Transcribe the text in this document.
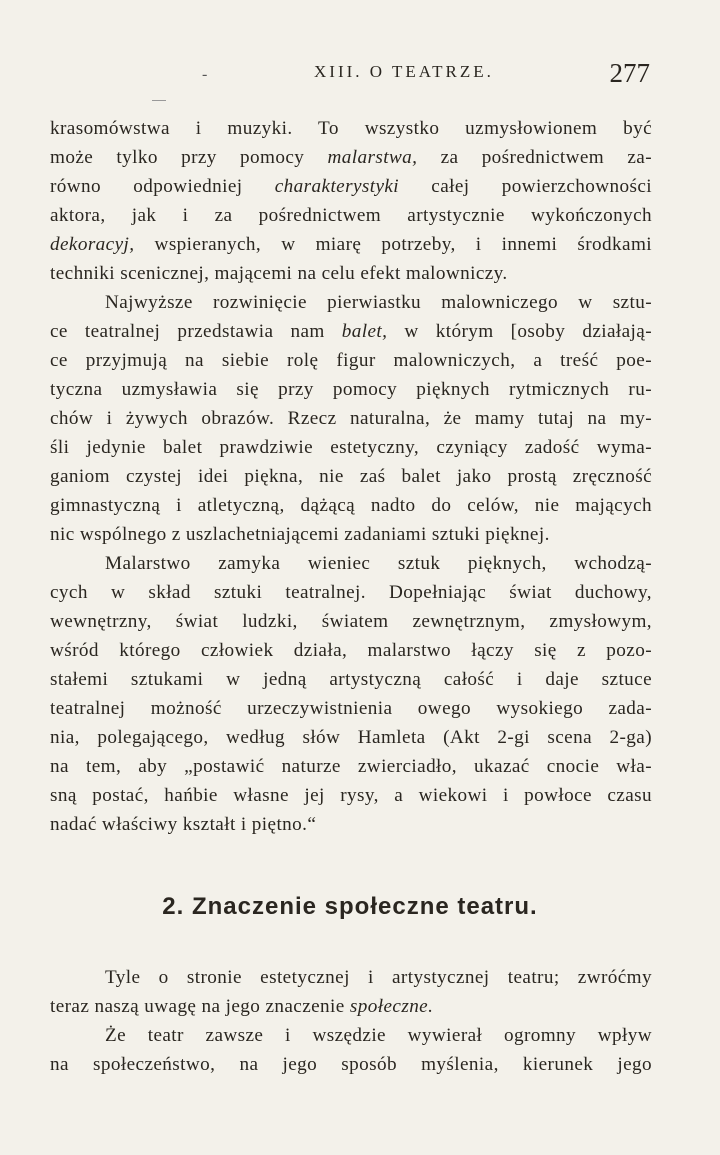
-	XIII. O TEATRZE.	277
krasomówstwa i muzyki. To wszystko uzmysłowionem być
może tylko przy pomocy malarstwa, za pośrednictwem za-
równo odpowiedniej charakterystyki całej powierzchowności
aktora, jak i za pośrednictwem artystycznie wykończonych
dekoracyj, wspieranych, w miarę potrzeby, i innemi środkami
techniki scenicznej, mającemi na celu efekt malowniczy.
Najwyższe rozwinięcie pierwiastku malowniczego w sztu-
ce teatralnej przedstawia nam balet, w którym [osoby działają-
ce przyjmują na siebie rolę figur malowniczych, a treść poe-
tyczna uzmysławia się przy pomocy pięknych rytmicznych ru-
chów i żywych obrazów. Rzecz naturalna, że mamy tutaj na my-
śli jedynie balet prawdziwie estetyczny, czyniący zadość wyma-
ganiom czystej idei piękna, nie zaś balet jako prostą zręczność
gimnastyczną i atletyczną, dążącą nadto do celów, nie mających
nic wspólnego z uszlachetniającemi zadaniami sztuki pięknej.
Malarstwo zamyka wieniec sztuk pięknych, wchodzą-
cych w skład sztuki teatralnej. Dopełniając świat duchowy,
wewnętrzny, świat ludzki, światem zewnętrznym, zmysłowym,
wśród którego człowiek działa, malarstwo łączy się z pozo-
stałemi sztukami w jedną artystyczną całość i daje sztuce
teatralnej możność urzeczywistnienia owego wysokiego zada-
nia, polegającego, według słów Hamleta (Akt 2-gi scena 2-ga)
na tem, aby „postawić naturze zwierciadło, ukazać cnocie wła-
sną postać, hańbie własne jej rysy, a wiekowi i powłoce czasu
nadać właściwy kształt i piętno.“
2. Znaczenie społeczne teatru.
Tyle o stronie estetycznej i artystycznej teatru; zwróćmy
teraz naszą uwagę na jego znaczenie społeczne.
Że teatr zawsze i wszędzie wywierał ogromny wpływ
na społeczeństwo, na jego sposób myślenia, kierunek jego
